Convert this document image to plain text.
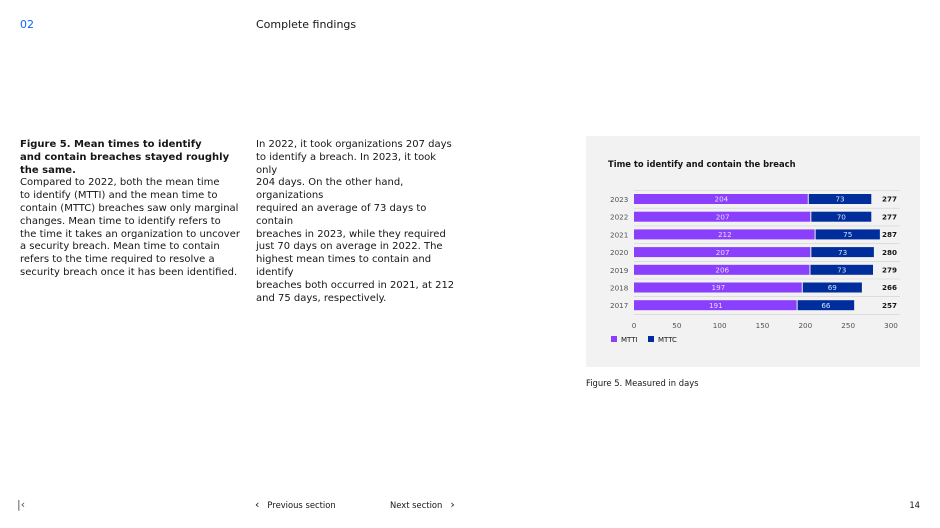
02	Complete findings
Figure 5. Mean times to identify
and contain breaches stayed roughly
the same.
Compared to 2022, both the mean time
to identify (MTTI) and the mean time to
contain (MTTC) breaches saw only marginal
changes. Mean time to identify refers to
the time it takes an organization to uncover
a security breach. Mean time to contain
refers to the time required to resolve a
security breach once it has been identified.
In 2022, it took organizations 207 days
to identify a breach. In 2023, it took only
204 days. On the other hand, organizations
required an average of 73 days to contain
breaches in 2023, while they required
just 70 days on average in 2022. The
highest mean times to contain and identify
breaches both occurred in 2021, at 212
and 75 days, respectively.
Time to identify and contain the breach
2023	204	73	277
2022	207	70	277
2021	212	75	287
2020	207	73	280
2019	206	73	279
2018	197	69	266
2017	191	66	257
0	50	100	150	200	250	300
MTTI	MTTC
Figure 5. Measured in days
|‹	‹ Previous section	Next section ›	14
